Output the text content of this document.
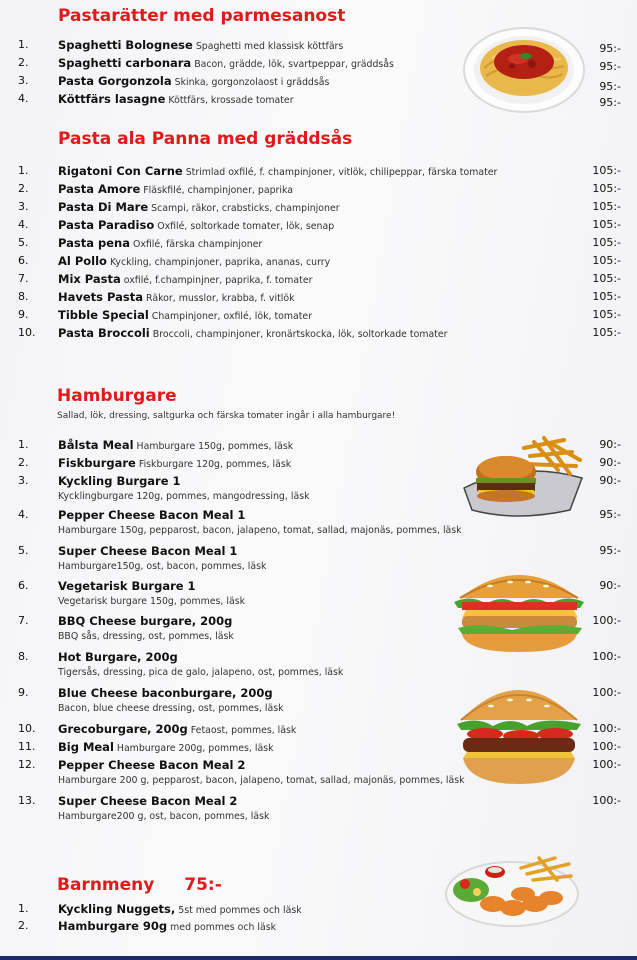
Pastarätter med parmesanost
1.	Spaghetti Bolognese Spaghetti med klassisk köttfärs	95:-
2.	Spaghetti carbonara Bacon, grädde, lök, svartpeppar, gräddsås	95:-
3.	Pasta Gorgonzola Skinka, gorgonzolaost i gräddsås	95:-
4.	Köttfärs lasagne Köttfärs, krossade tomater	95:-
Pasta ala Panna med gräddsås
1.	Rigatoni Con Carne Strimlad oxfilé, f. champinjoner, vitlök, chilipeppar, färska tomater	105:-
2.	Pasta Amore Fläskfilé, champinjoner, paprika	105:-
3.	Pasta Di Mare Scampi, räkor, crabsticks, champinjoner	105:-
4.	Pasta Paradiso Oxfilé, soltorkade tomater, lök, senap	105:-
5.	Pasta pena Oxfilé, färska champinjoner	105:-
6.	Al Pollo Kyckling, champinjoner, paprika, ananas, curry	105:-
7.	Mix Pasta oxfilé, f.champinjner, paprika, f. tomater	105:-
8.	Havets Pasta Räkor, musslor, krabba, f. vitlök	105:-
9.	Tibble Special Champinjoner, oxfilé, lök, tomater	105:-
10. Pasta Broccoli Broccoli, champinjoner, kronärtskocka, lök, soltorkade tomater	105:-
Hamburgare
Sallad, lök, dressing, saltgurka och färska tomater ingår i alla hamburgare!
1.	Bålsta Meal Hamburgare 150g, pommes, läsk	90:-
2.	Fiskburgare Fiskburgare 120g, pommes, läsk	90:-
3.	Kyckling Burgare 1
Kycklingburgare 120g, pommes, mangodressing, läsk
90:-
4.	Pepper Cheese Bacon Meal 1
Hamburgare 150g, pepparost, bacon, jalapeno, tomat, sallad, majonäs, pommes, läsk
95:-
5.	Super Cheese Bacon Meal 1
Hamburgare150g, ost, bacon, pommes, läsk
95:-
6.	Vegetarisk Burgare 1
Vegetarisk burgare 150g, pommes, läsk
90:-
7.	BBQ Cheese burgare, 200g
BBQ sås, dressing, ost, pommes, läsk
100:-
8.	Hot Burgare, 200g
Tigersås, dressing, pica de galo, jalapeno, ost, pommes, läsk
100:-
9.	Blue Cheese baconburgare, 200g
Bacon, blue cheese dressing, ost, pommes, läsk
100:-
10. Grecoburgare, 200g Fetaost, pommes, läsk	100:-
11. Big Meal Hamburgare 200g, pommes, läsk	100:-
12. Pepper Cheese Bacon Meal 2
Hamburgare 200 g, pepparost, bacon, jalapeno, tomat, sallad, majonäs, pommes, läsk
100:-
13. Super Cheese Bacon Meal 2
Hamburgare200 g, ost, bacon, pommes, läsk
100:-
Barnmeny 75:-
1.	Kyckling Nuggets, 5st med pommes och läsk
2.	Hamburgare 90g med pommes och läsk
